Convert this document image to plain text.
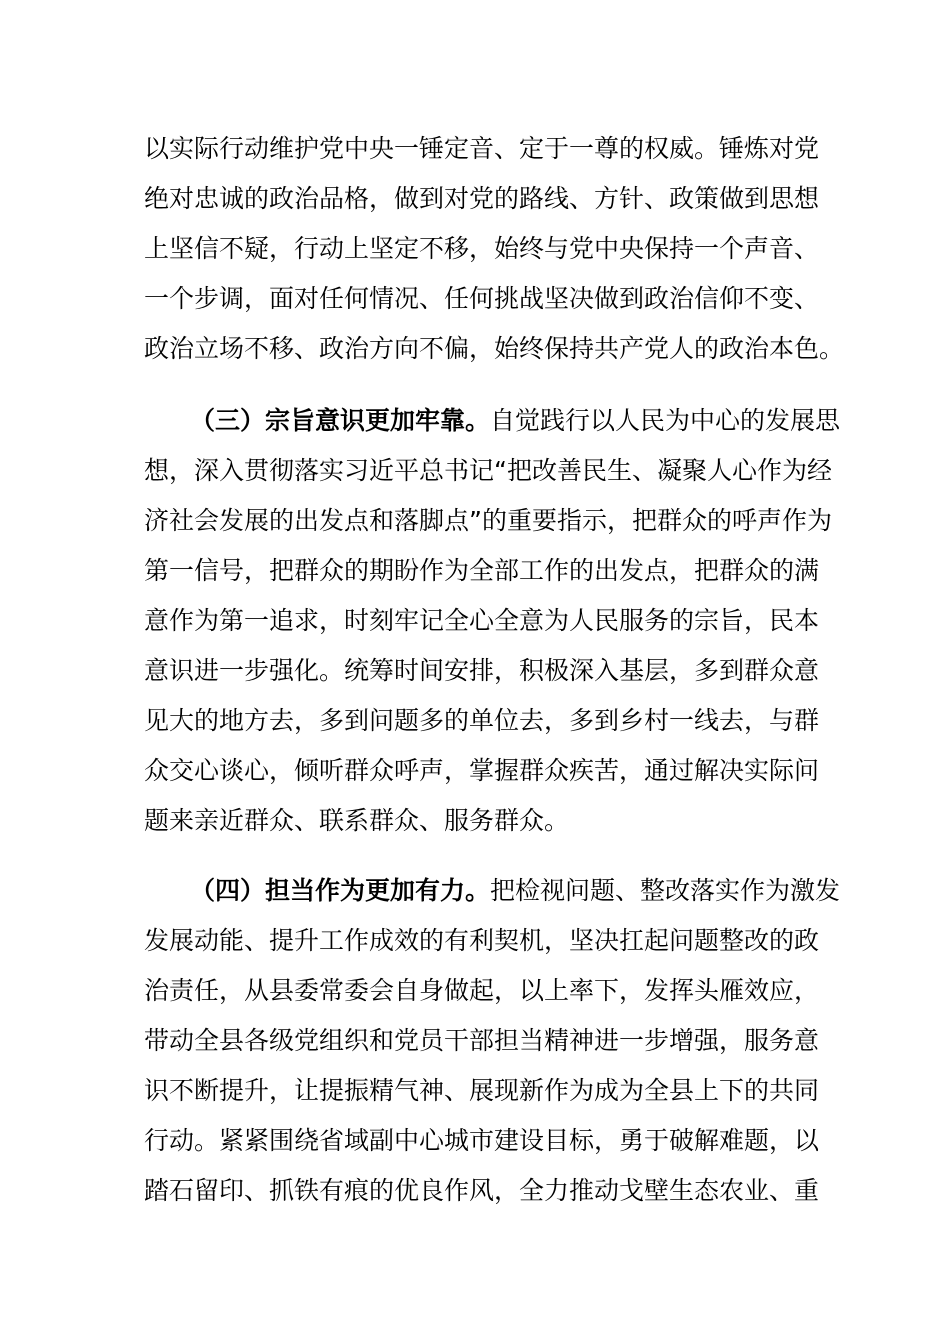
以实际行动维护党中央一锤定音、定于一尊的权威。锤炼对党
绝对忠诚的政治品格，做到对党的路线、方针、政策做到思想
上坚信不疑，行动上坚定不移，始终与党中央保持一个声音、
一个步调，面对任何情况、任何挑战坚决做到政治信仰不变、
政治立场不移、政治方向不偏，始终保持共产党人的政治本色。
（三）宗旨意识更加牢靠。自觉践行以人民为中心的发展思
想，深入贯彻落实习近平总书记“把改善民生、凝聚人心作为经
济社会发展的出发点和落脚点”的重要指示，把群众的呼声作为
第一信号，把群众的期盼作为全部工作的出发点，把群众的满
意作为第一追求，时刻牢记全心全意为人民服务的宗旨，民本
意识进一步强化。统筹时间安排，积极深入基层，多到群众意
见大的地方去，多到问题多的单位去，多到乡村一线去，与群
众交心谈心，倾听群众呼声，掌握群众疾苦，通过解决实际问
题来亲近群众、联系群众、服务群众。
（四）担当作为更加有力。把检视问题、整改落实作为激发
发展动能、提升工作成效的有利契机，坚决扛起问题整改的政
治责任，从县委常委会自身做起，以上率下，发挥头雁效应，
带动全县各级党组织和党员干部担当精神进一步增强，服务意
识不断提升，让提振精气神、展现新作为成为全县上下的共同
行动。紧紧围绕省域副中心城市建设目标，勇于破解难题，以
踏石留印、抓铁有痕的优良作风，全力推动戈壁生态农业、重
